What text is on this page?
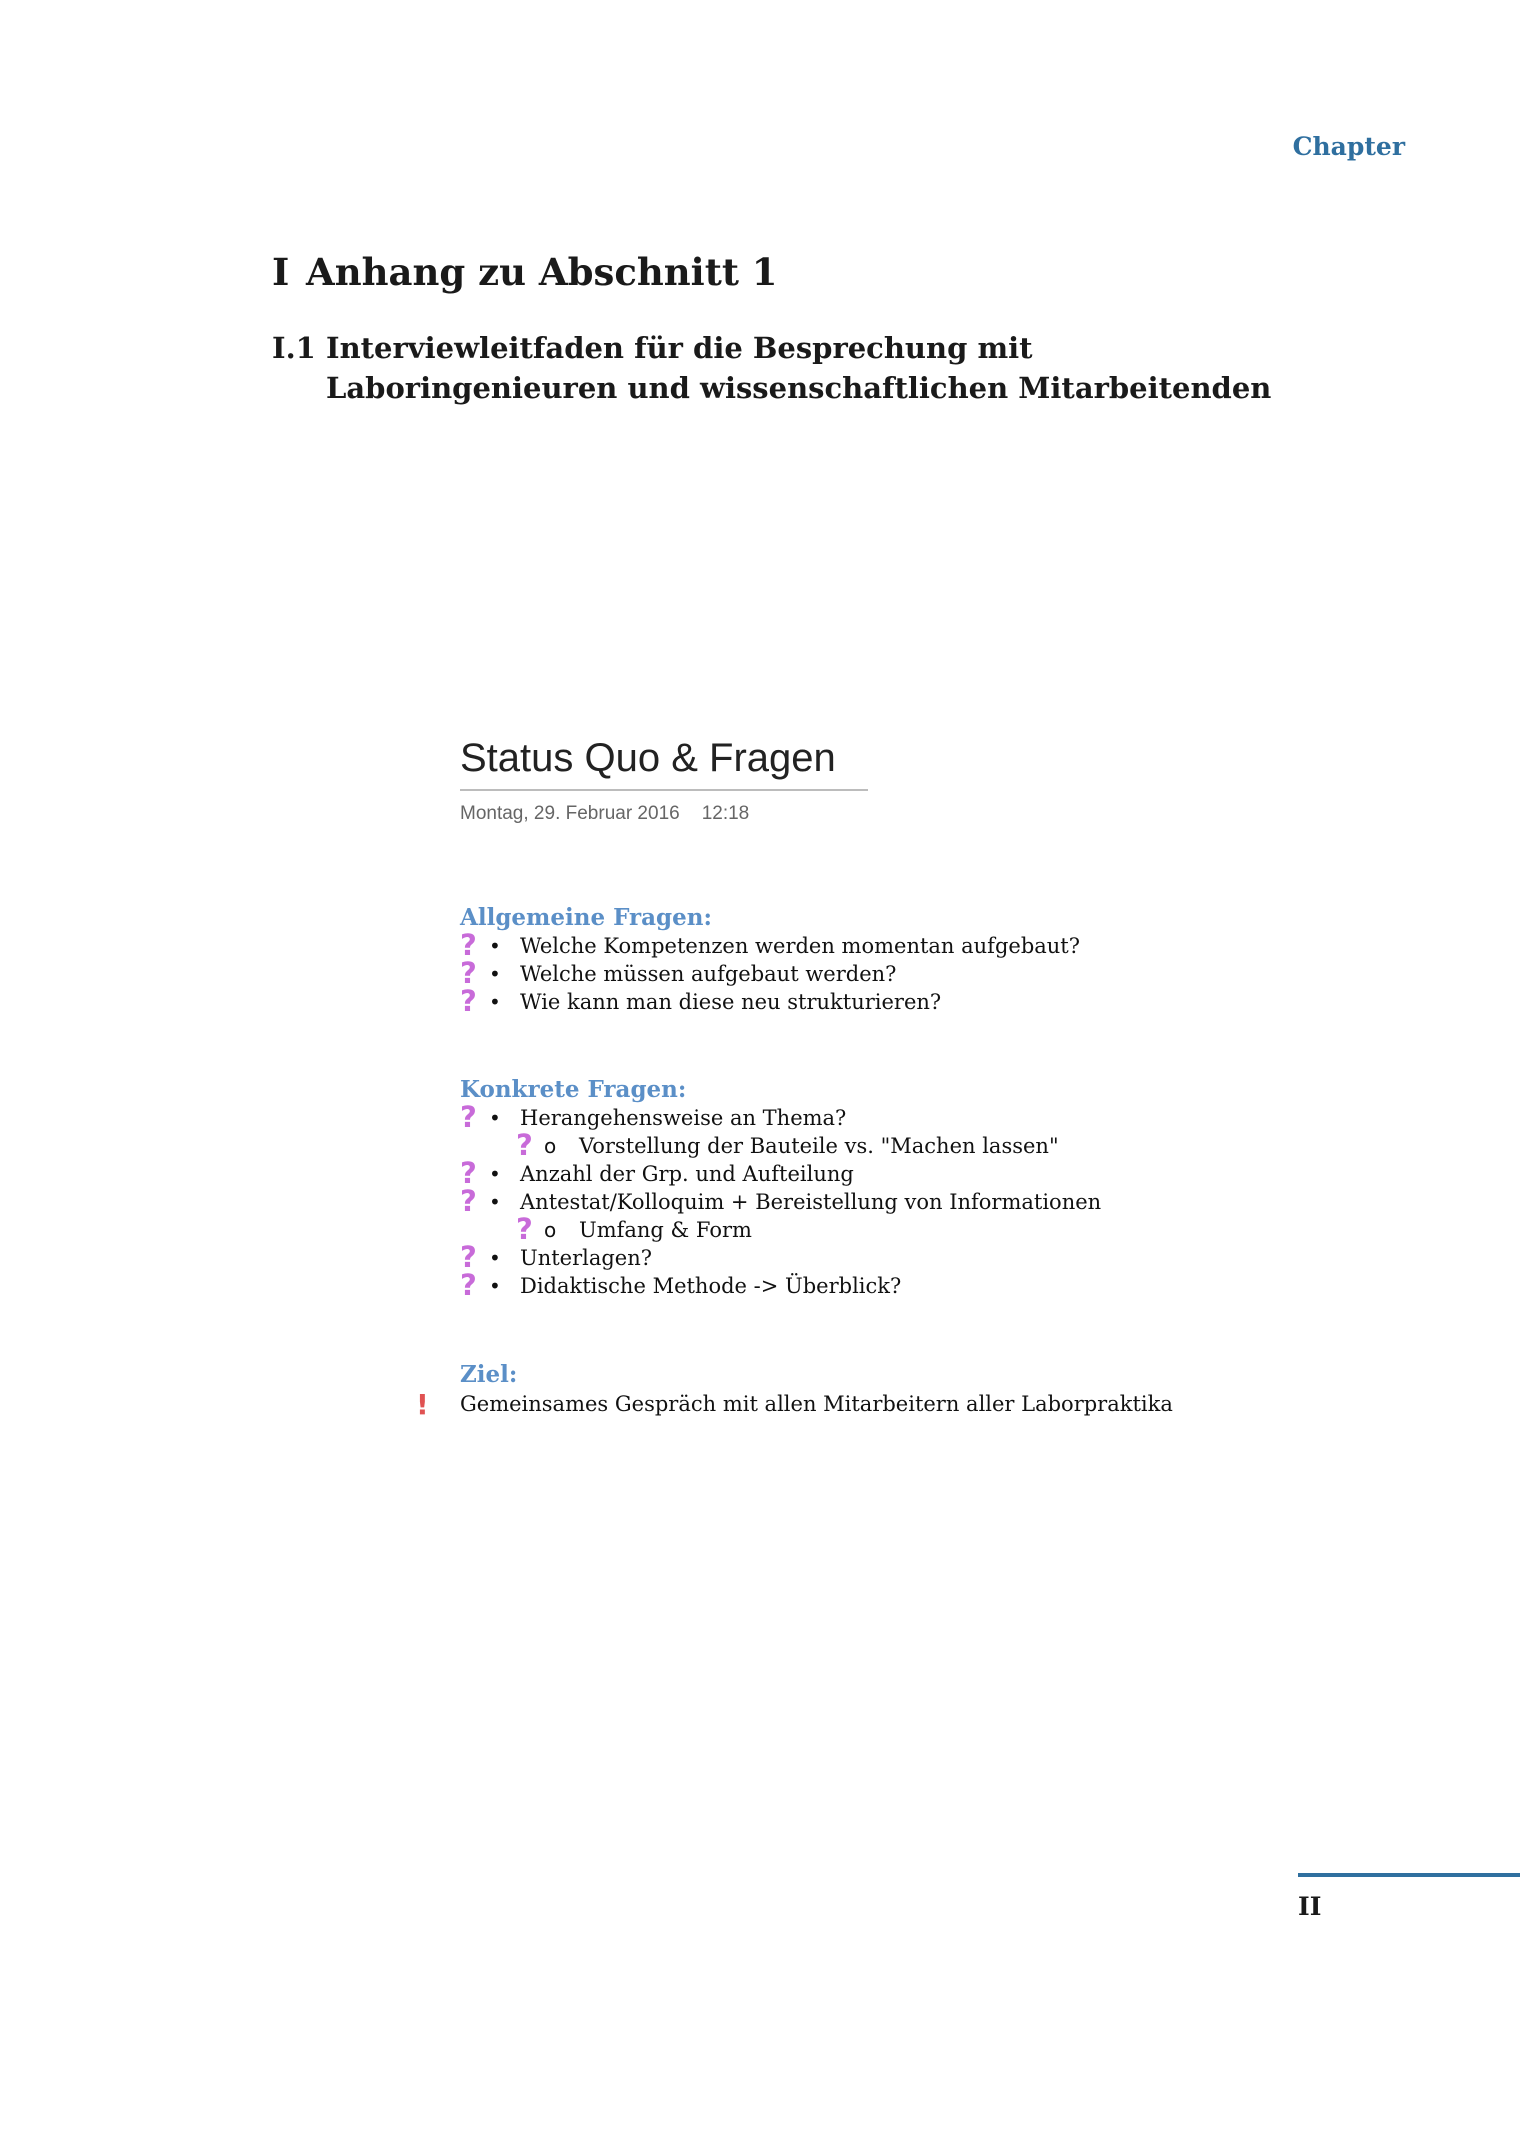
Chapter
I Anhang zu Abschnitt 1
I.1 Interviewleitfaden für die Besprechung mit Laboringenieuren und wissenschaftlichen Mitarbeitenden
Status Quo & Fragen
Montag, 29. Februar 2016 12:18
Allgemeine Fragen:
? • Welche Kompetenzen werden momentan aufgebaut?
? • Welche müssen aufgebaut werden?
? • Wie kann man diese neu strukturieren?
Konkrete Fragen:
? • Herangehensweise an Thema?
? o Vorstellung der Bauteile vs. "Machen lassen"
? • Anzahl der Grp. und Aufteilung
? • Antestat/Kolloquim + Bereistellung von Informationen
? o Umfang & Form
? • Unterlagen?
? • Didaktische Methode -> Überblick?
Ziel:
! Gemeinsames Gespräch mit allen Mitarbeitern aller Laborpraktika
II
